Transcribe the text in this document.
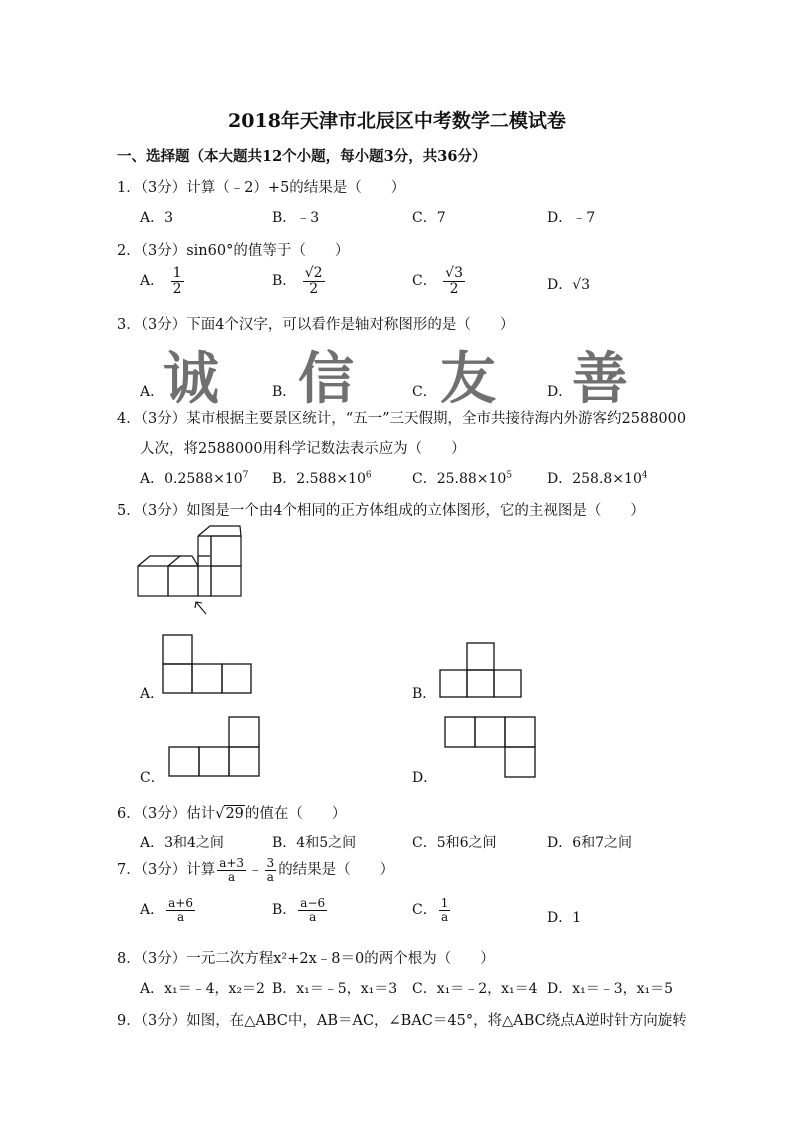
2018年天津市北辰区中考数学二模试卷
一、选择题（本大题共12个小题，每小题3分，共36分）
1．（3分）计算（﹣2）+5的结果是（　　）
A．3	B．﹣3	C．7	D．﹣7
2．（3分）sin60°的值等于（　　）
A． $\frac{1}{2}$	B． $\frac{√2}{2}$	C． $\frac{√3}{2}$	D．√3
3．（3分）下面4个汉字，可以看作是轴对称图形的是（　　）
A．
诚	B． 信	C． 友	D． 善
4．（3分）某市根据主要景区统计，“五一”三天假期，全市共接待海内外游客约2588000
人次，将2588000用科学记数法表示应为（　　）
A．$0.2588\times 10^7$ B．$2.588\times 10^6$	C．$25.88\times 10^5$ D．$258.8\times 10^4$
5．（3分）如图是一个由4个相同的正方体组成的立体图形，它的主视图是（　　）
A．	B．
C．	D．
6．（3分）估计√29的值在（　　）
A．3和4之间	B．4和5之间	C．5和6之间	D．6和7之间
7．（3分）计算 $\frac{a+3}{a}$ ﹣ $\frac{3}{a}$ 的结果是（　　）
A． $\frac{a+6}{a}$	B． $\frac{a-6}{a}$	C． $\frac{1}{a}$	D．1
8．（3分）一元二次方程x²+2x﹣8＝0的两个根为（　　）
A．x₁＝﹣4，x₂＝2 B．x₁＝﹣5，x₁＝3 C．x₁＝﹣2，x₁＝4 D．x₁＝﹣3，x₁＝5
9．（3分）如图，在△ABC中，AB＝AC，∠BAC＝45°，将△ABC绕点A逆时针方向旋转
